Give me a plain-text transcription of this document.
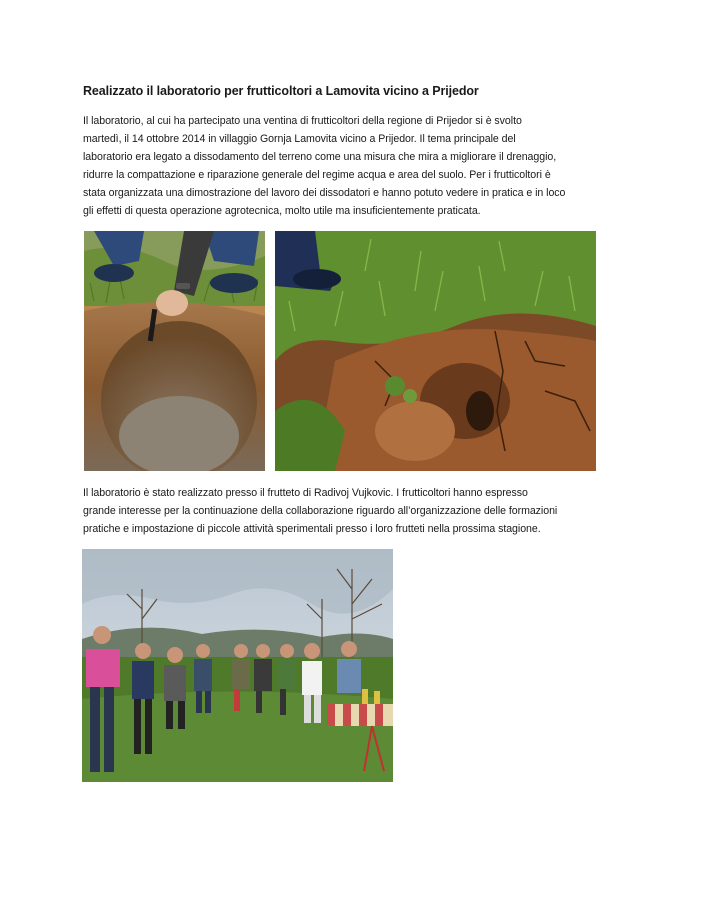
Realizzato il laboratorio per frutticoltori a Lamovita vicino a Prijedor
Il laboratorio, al cui ha partecipato una ventina di frutticoltori della regione di Prijedor si è svolto
martedì, il 14 ottobre 2014 in villaggio Gornja Lamovita vicino a Prijedor. Il tema principale del
laboratorio era legato a dissodamento del terreno come una misura che mira a migliorare il drenaggio,
ridurre la compattazione e riparazione generale del regime acqua e area del suolo. Per i frutticoltori è
stata organizzata una dimostrazione del lavoro dei dissodatori e hanno potuto vedere in pratica e in loco
gli effetti di questa operazione agrotecnica, molto utile ma insuficientemente praticata.
Il laboratorio è stato realizzato presso il frutteto di Radivoj Vujkovic. I frutticoltori hanno espresso
grande interesse per la continuazione della collaborazione riguardo all’organizzazione delle formazioni
pratiche e impostazione di piccole attività sperimentali presso i loro frutteti nella prossima stagione.
